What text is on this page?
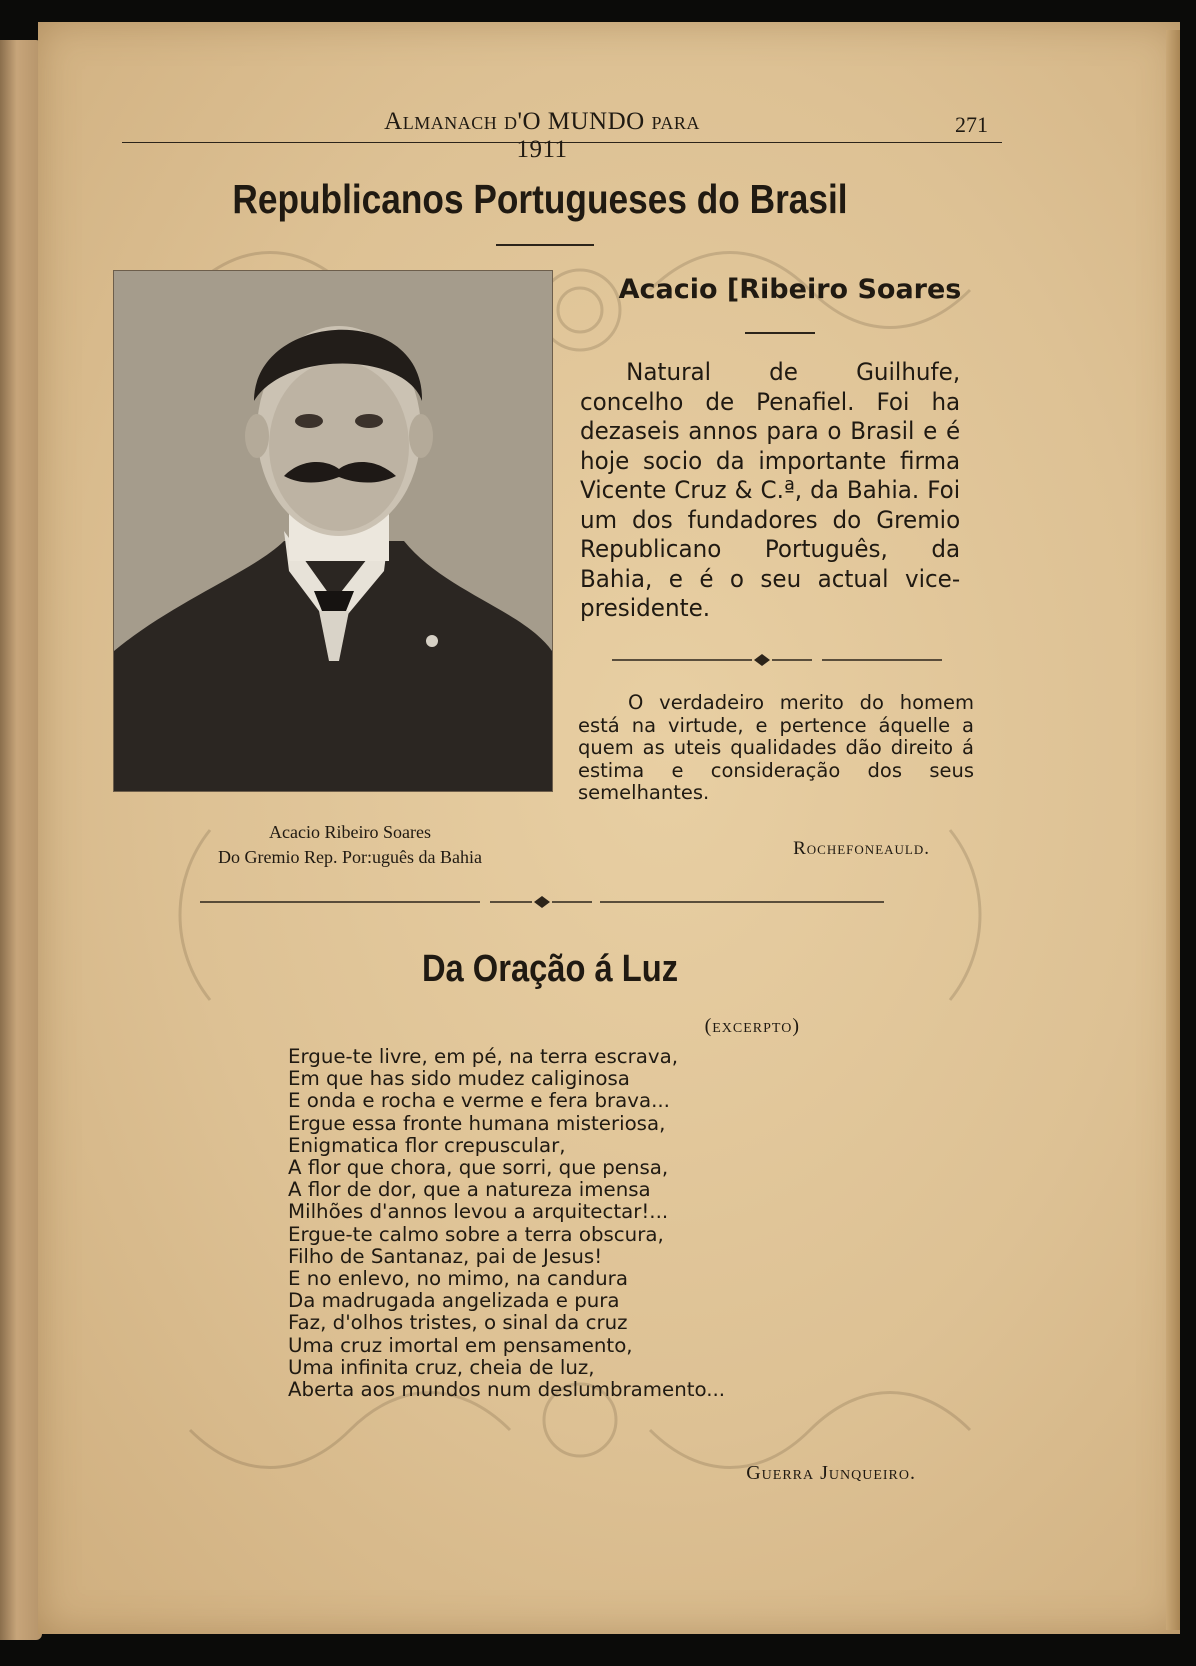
Almanach d'O MUNDO para 1911
271
Republicanos Portugueses do Brasil
Acacio Ribeiro Soares
Do Gremio Rep. Por:uguês da Bahia
Acacio [Ribeiro Soares
Natural de Guilhufe, concelho de Penafiel. Foi ha dezaseis annos para o Brasil e é hoje socio da importante firma Vicente Cruz & C.ª, da Bahia. Foi um dos fundadores do Gremio Republicano Português, da Bahia, e é o seu actual vice-presidente.
O verdadeiro merito do homem está na virtude, e pertence áquelle a quem as uteis qualidades dão direito á estima e consideração dos seus semelhantes.
Rochefoneauld.
Da Oração á Luz
(excerpto)
Ergue-te livre, em pé, na terra escrava,
Em que has sido mudez caliginosa
E onda e rocha e verme e fera brava...
Ergue essa fronte humana misteriosa,
Enigmatica flor crepuscular,
A flor que chora, que sorri, que pensa,
A flor de dor, que a natureza imensa
Milhões d'annos levou a arquitectar!...
Ergue-te calmo sobre a terra obscura,
Filho de Santanaz, pai de Jesus!
E no enlevo, no mimo, na candura
Da madrugada angelizada e pura
Faz, d'olhos tristes, o sinal da cruz
Uma cruz imortal em pensamento,
Uma infinita cruz, cheia de luz,
Aberta aos mundos num deslumbramento...
Guerra Junqueiro.
